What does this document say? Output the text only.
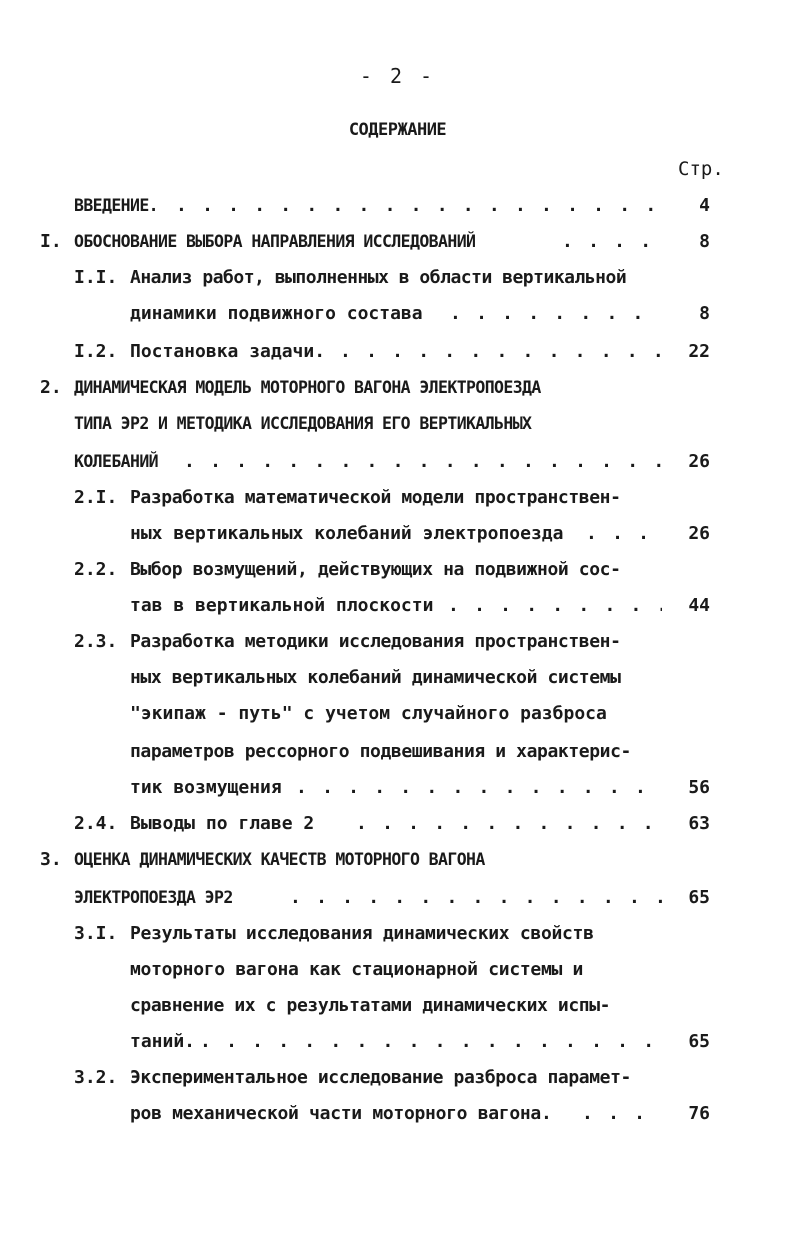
- 2 -
СОДЕРЖАНИЕ
Стр.
ВВЕДЕНИЕ. . . .	4
I. ОБОСНОВАНИЕ ВЫБОРА НАПРАВЛЕНИЯ ИССЛЕДОВАНИЙ . . .	8
I.I. Анализ работ, выполненных в области вертикальной
динамики подвижного состава . . .	8
I.2. Постановка задачи. . . .	22
2. ДИНАМИЧЕСКАЯ МОДЕЛЬ МОТОРНОГО ВАГОНА ЭЛЕКТРОПОЕЗДА
ТИПА ЭР2 И МЕТОДИКА ИССЛЕДОВАНИЯ ЕГО ВЕРТИКАЛЬНЫХ
КОЛЕБАНИЙ . . .	26
2.I. Разработка математической модели пространствен-
ных вертикальных колебаний электропоезда . . .	26
2.2. Выбор возмущений, действующих на подвижной сос-
тав в вертикальной плоскости . . .	44
2.3. Разработка методики исследования пространствен-
ных вертикальных колебаний динамической системы
"экипаж - путь" с учетом случайного разброса
параметров рессорного подвешивания и характерис-
тик возмущения . . .	56
2.4. Выводы по главе 2 . . .	63
3. ОЦЕНКА ДИНАМИЧЕСКИХ КАЧЕСТВ МОТОРНОГО ВАГОНА
ЭЛЕКТРОПОЕЗДА ЭР2 . . .	65
3.I. Результаты исследования динамических свойств
моторного вагона как стационарной системы и
сравнение их с результатами динамических испы-
таний. . . .	65
3.2. Экспериментальное исследование разброса парамет-
ров механической части моторного вагона. . . .	76
